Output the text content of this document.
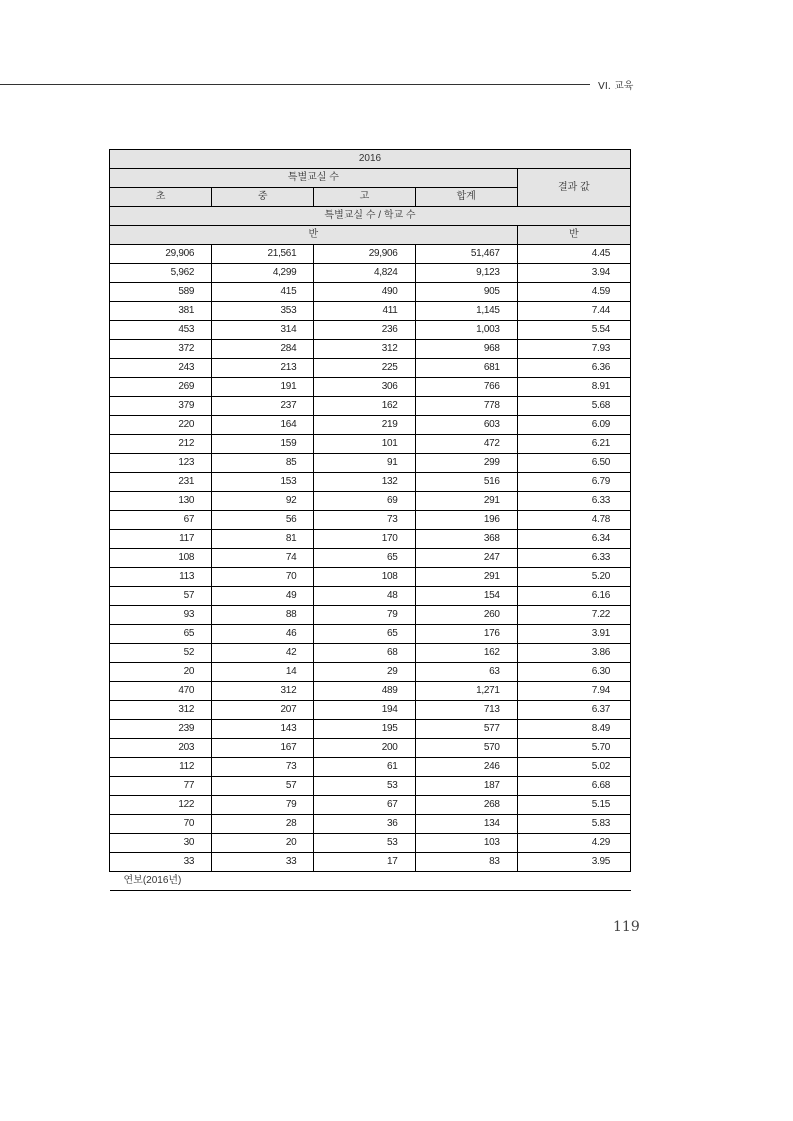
VI. 교육
2016				
특별교실 수				결과 값
초	중	고	합계	
특별교실 수 / 학교 수				
반				반
29,906	21,561	29,906	51,467	4.45
5,962	4,299	4,824	9,123	3.94
589	415	490	905	4.59
381	353	411	1,145	7.44
453	314	236	1,003	5.54
372	284	312	968	7.93
243	213	225	681	6.36
269	191	306	766	8.91
379	237	162	778	5.68
220	164	219	603	6.09
212	159	101	472	6.21
123	85	91	299	6.50
231	153	132	516	6.79
130	92	69	291	6.33
67	56	73	196	4.78
117	81	170	368	6.34
108	74	65	247	6.33
113	70	108	291	5.20
57	49	48	154	6.16
93	88	79	260	7.22
65	46	65	176	3.91
52	42	68	162	3.86
20	14	29	63	6.30
470	312	489	1,271	7.94
312	207	194	713	6.37
239	143	195	577	8.49
203	167	200	570	5.70
112	73	61	246	5.02
77	57	53	187	6.68
122	79	67	268	5.15
70	28	36	134	5.83
30	20	53	103	4.29
33	33	17	83	3.95
연보(2016년)				
119
